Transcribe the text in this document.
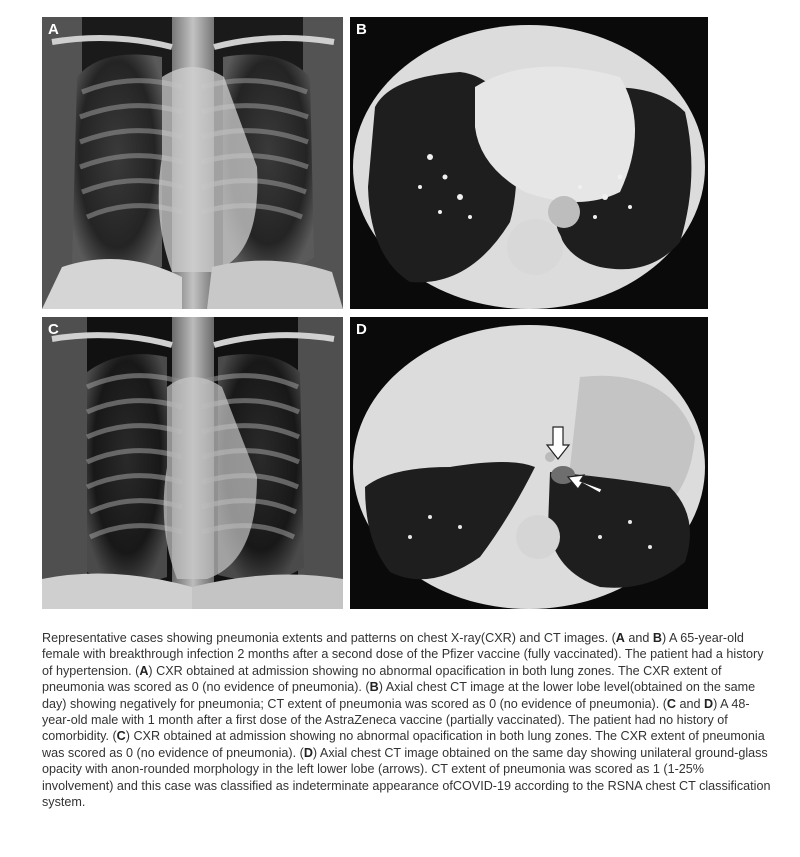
A	B
C	D
Representative cases showing pneumonia extents and patterns on chest X-ray(CXR) and CT images. (A and B) A 65-year-old female with breakthrough infection 2 months after a second dose of the Pfizer vaccine (fully vaccinated). The patient had a history of hypertension. (A) CXR obtained at admission showing no abnormal opacification in both lung zones. The CXR extent of pneumonia was scored as 0 (no evidence of pneumonia). (B) Axial chest CT image at the lower lobe level(obtained on the same day) showing negatively for pneumonia; CT extent of pneumonia was scored as 0 (no evidence of pneumonia). (C and D) A 48-year-old male with 1 month after a first dose of the AstraZeneca vaccine (partially vaccinated). The patient had no history of comorbidity. (C) CXR obtained at admission showing no abnormal opacification in both lung zones. The CXR extent of pneumonia was scored as 0 (no evidence of pneumonia). (D) Axial chest CT image obtained on the same day showing unilateral ground-glass opacity with anon-rounded morphology in the left lower lobe (arrows). CT extent of pneumonia was scored as 1 (1-25% involvement) and this case was classified as indeterminate appearance ofCOVID-19 according to the RSNA chest CT classification system.
